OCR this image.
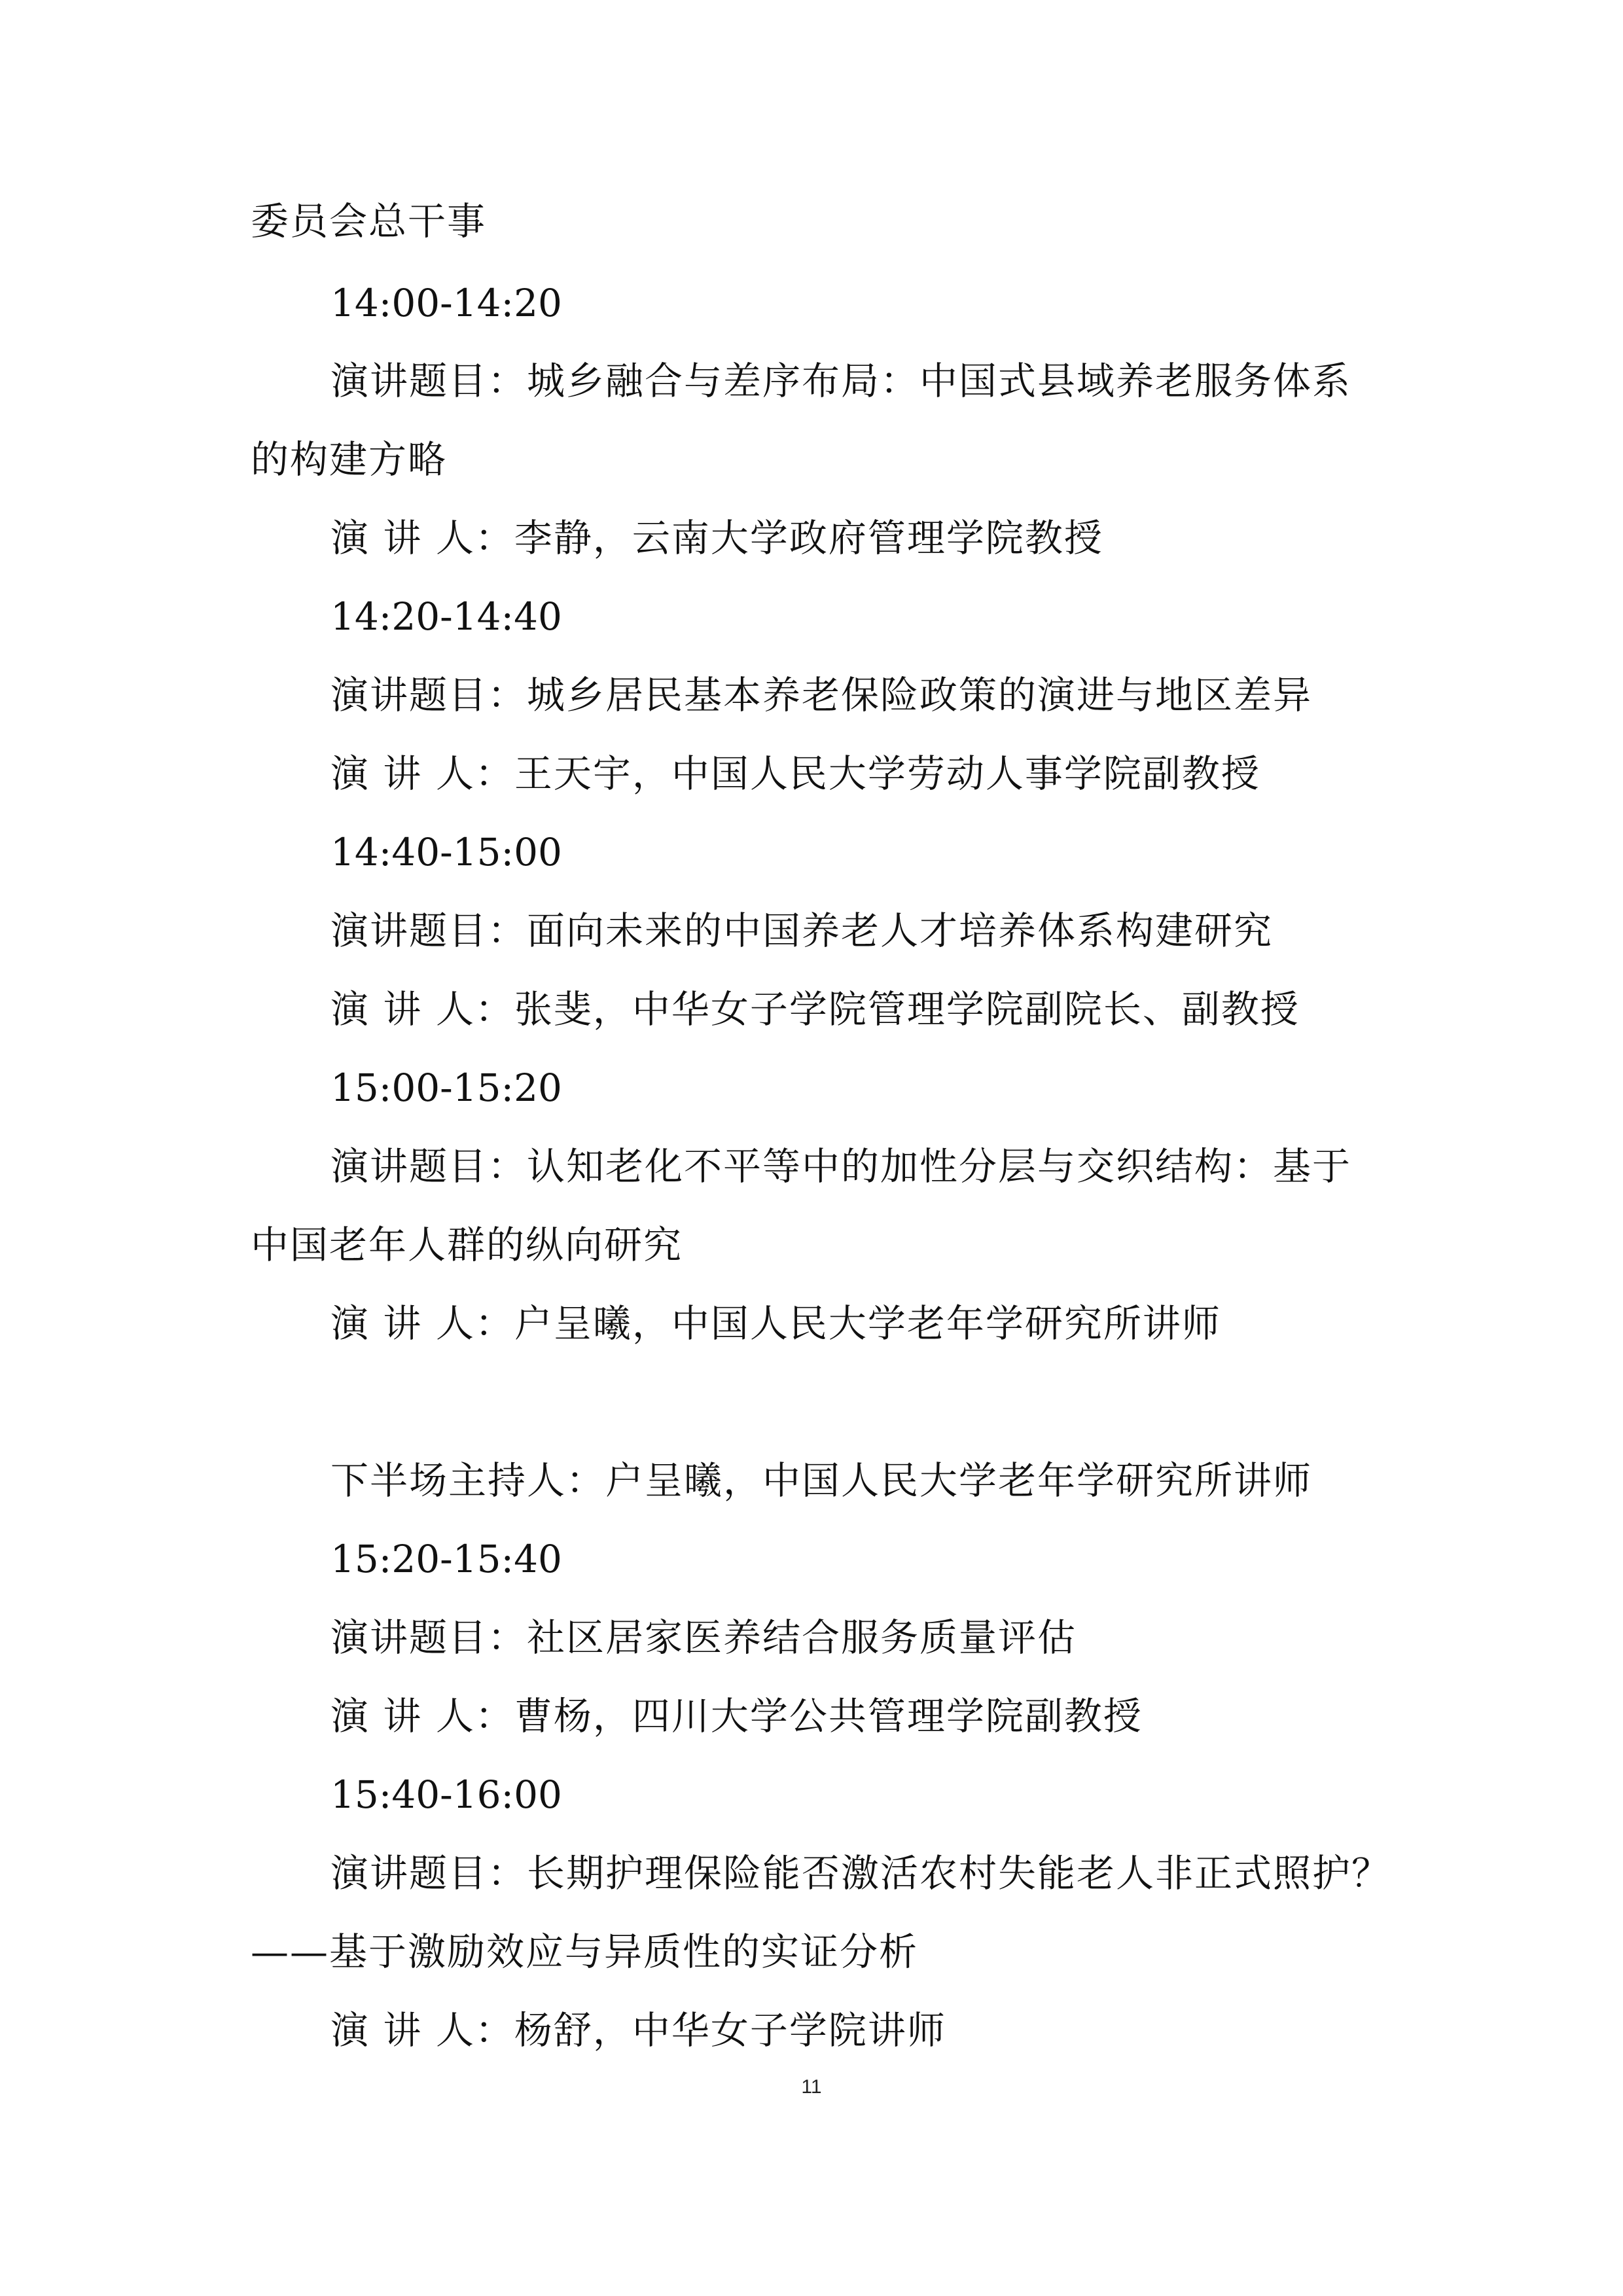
委员会总干事
14:00-14:20
演讲题目：城乡融合与差序布局：中国式县域养老服务体系
的构建方略
演 讲 人：李静，云南大学政府管理学院教授
14:20-14:40
演讲题目：城乡居民基本养老保险政策的演进与地区差异
演 讲 人：王天宇，中国人民大学劳动人事学院副教授
14:40-15:00
演讲题目：面向未来的中国养老人才培养体系构建研究
演 讲 人：张斐，中华女子学院管理学院副院长、副教授
15:00-15:20
演讲题目：认知老化不平等中的加性分层与交织结构：基于
中国老年人群的纵向研究
演 讲 人：户呈曦，中国人民大学老年学研究所讲师
下半场主持人：户呈曦，中国人民大学老年学研究所讲师
15:20-15:40
演讲题目：社区居家医养结合服务质量评估
演 讲 人：曹杨，四川大学公共管理学院副教授
15:40-16:00
演讲题目：长期护理保险能否激活农村失能老人非正式照护？
——基于激励效应与异质性的实证分析
演 讲 人：杨舒，中华女子学院讲师
11
